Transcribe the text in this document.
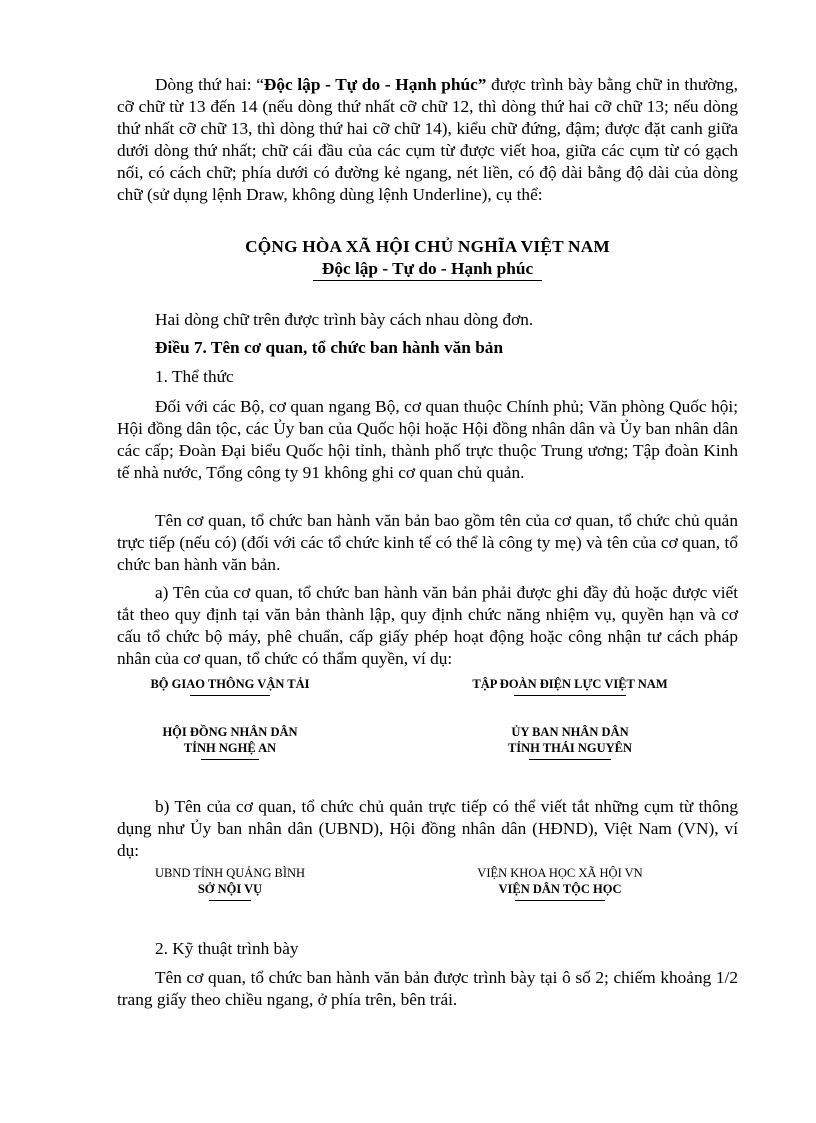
Dòng thứ hai: “Độc lập - Tự do - Hạnh phúc” được trình bày bằng chữ in thường, cỡ chữ từ 13 đến 14 (nếu dòng thứ nhất cỡ chữ 12, thì dòng thứ hai cỡ chữ 13; nếu dòng thứ nhất cỡ chữ 13, thì dòng thứ hai cỡ chữ 14), kiểu chữ đứng, đậm; được đặt canh giữa dưới dòng thứ nhất; chữ cái đầu của các cụm từ được viết hoa, giữa các cụm từ có gạch nối, có cách chữ; phía dưới có đường kẻ ngang, nét liền, có độ dài bằng độ dài của dòng chữ (sử dụng lệnh Draw, không dùng lệnh Underline), cụ thể:

CỘNG HÒA XÃ HỘI CHỦ NGHĨA VIỆT NAM

Độc lập - Tự do - Hạnh phúc

Hai dòng chữ trên được trình bày cách nhau dòng đơn.

Điều 7. Tên cơ quan, tổ chức ban hành văn bản

1. Thể thức

Đối với các Bộ, cơ quan ngang Bộ, cơ quan thuộc Chính phủ; Văn phòng Quốc hội; Hội đồng dân tộc, các Ủy ban của Quốc hội hoặc Hội đồng nhân dân và Ủy ban nhân dân các cấp; Đoàn Đại biểu Quốc hội tỉnh, thành phố trực thuộc Trung ương; Tập đoàn Kinh tế nhà nước, Tổng công ty 91 không ghi cơ quan chủ quản.

Tên cơ quan, tổ chức ban hành văn bản bao gồm tên của cơ quan, tổ chức chủ quản trực tiếp (nếu có) (đối với các tổ chức kinh tế có thể là công ty mẹ) và tên của cơ quan, tổ chức ban hành văn bản.

a) Tên của cơ quan, tổ chức ban hành văn bản phải được ghi đầy đủ hoặc được viết tắt theo quy định tại văn bản thành lập, quy định chức năng nhiệm vụ, quyền hạn và cơ cấu tổ chức bộ máy, phê chuẩn, cấp giấy phép hoạt động hoặc công nhận tư cách pháp nhân của cơ quan, tổ chức có thẩm quyền, ví dụ:

BỘ GIAO THÔNG VẬN TẢI	TẬP ĐOÀN ĐIỆN LỰC VIỆT NAM
HỘI ĐỒNG NHÂN DÂN
TỈNH NGHỆ AN
ỦY BAN NHÂN DÂN
TỈNH THÁI NGUYÊN

b) Tên của cơ quan, tổ chức chủ quản trực tiếp có thể viết tắt những cụm từ thông dụng như Ủy ban nhân dân (UBND), Hội đồng nhân dân (HĐND), Việt Nam (VN), ví dụ:

UBND TỈNH QUẢNG BÌNH
SỞ NỘI VỤ
VIỆN KHOA HỌC XÃ HỘI VN
VIỆN DÂN TỘC HỌC

2. Kỹ thuật trình bày

Tên cơ quan, tổ chức ban hành văn bản được trình bày tại ô số 2; chiếm khoảng 1/2 trang giấy theo chiều ngang, ở phía trên, bên trái.
